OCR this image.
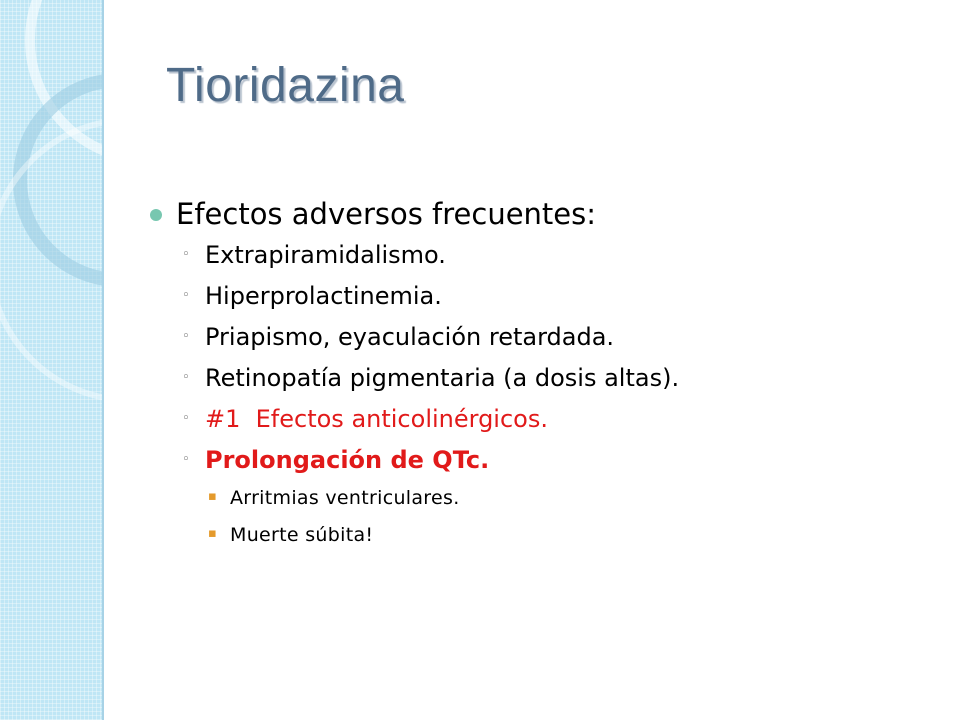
Tioridazina
Efectos adversos frecuentes:
◦ Extrapiramidalismo.
◦ Hiperprolactinemia.
◦ Priapismo, eyaculación retardada.
◦ Retinopatía pigmentaria (a dosis altas).
◦ #1  Efectos anticolinérgicos.
◦ Prolongación de QTc.
▪ Arritmias ventriculares.
▪ Muerte súbita!
